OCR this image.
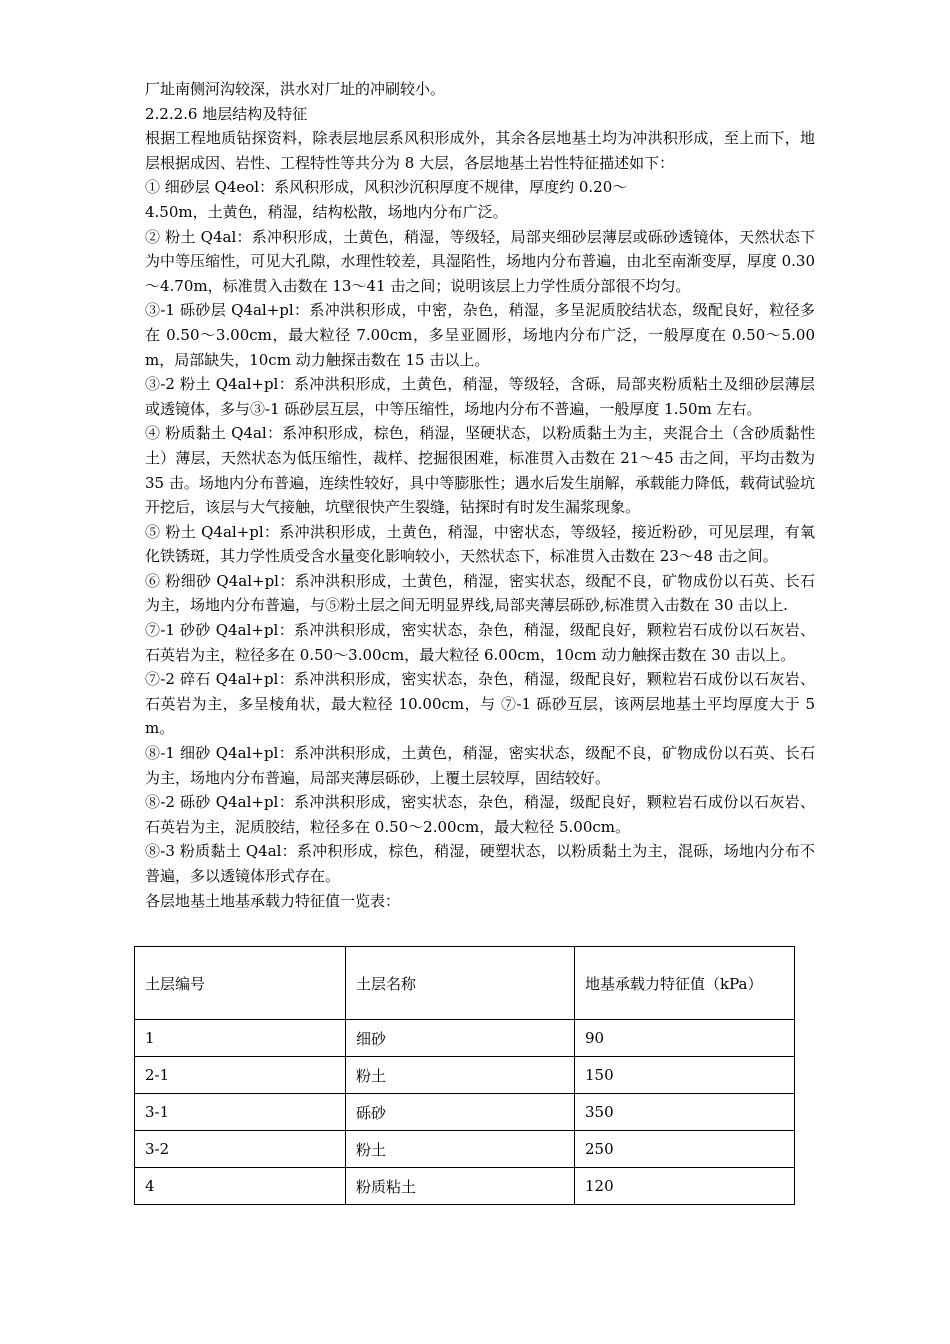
厂址南侧河沟较深，洪水对厂址的冲刷较小。

2.2.2.6 地层结构及特征

根据工程地质钻探资料，除表层地层系风积形成外，其余各层地基土均为冲洪积形成，至上而下，地层根据成因、岩性、工程特性等共分为 8 大层，各层地基土岩性特征描述如下：

① 细砂层 Q4eol：系风积形成，风积沙沉积厚度不规律，厚度约 0.20～

4.50m，土黄色，稍湿，结构松散，场地内分布广泛。

② 粉土 Q4al：系冲积形成，土黄色，稍湿，等级轻，局部夹细砂层薄层或砾砂透镜体，天然状态下为中等压缩性，可见大孔隙，水理性较差，具湿陷性，场地内分布普遍，由北至南渐变厚，厚度 0.30～4.70m，标准贯入击数在 13～41 击之间；说明该层上力学性质分部很不均匀。

③-1 砾砂层 Q4al+pl：系冲洪积形成，中密，杂色，稍湿，多呈泥质胶结状态，级配良好，粒径多在 0.50～3.00cm，最大粒径 7.00cm，多呈亚圆形，场地内分布广泛，一般厚度在 0.50～5.00m，局部缺失，10cm 动力触探击数在 15 击以上。

③-2 粉土 Q4al+pl：系冲洪积形成，土黄色，稍湿，等级轻，含砾，局部夹粉质粘土及细砂层薄层或透镜体，多与③-1 砾砂层互层，中等压缩性，场地内分布不普遍，一般厚度 1.50m 左右。

④ 粉质黏土 Q4al：系冲积形成，棕色，稍湿，坚硬状态，以粉质黏土为主，夹混合土（含砂质黏性土）薄层，天然状态为低压缩性，裁样、挖掘很困难，标准贯入击数在 21～45 击之间，平均击数为 35 击。场地内分布普遍，连续性较好，具中等膨胀性；遇水后发生崩解，承载能力降低，载荷试验坑开挖后，该层与大气接触，坑壁很快产生裂缝，钻探时有时发生漏浆现象。

⑤ 粉土 Q4al+pl：系冲洪积形成，土黄色，稍湿，中密状态，等级轻，接近粉砂，可见层理，有氧化铁锈斑，其力学性质受含水量变化影响较小，天然状态下，标准贯入击数在 23～48 击之间。

⑥ 粉细砂 Q4al+pl：系冲洪积形成，土黄色，稍湿，密实状态，级配不良，矿物成份以石英、长石为主，场地内分布普遍，与⑤粉土层之间无明显界线,局部夹薄层砾砂,标准贯入击数在 30 击以上.

⑦-1 砂砂 Q4al+pl：系冲洪积形成，密实状态，杂色，稍湿，级配良好，颗粒岩石成份以石灰岩、石英岩为主，粒径多在 0.50～3.00cm，最大粒径 6.00cm，10cm 动力触探击数在 30 击以上。

⑦-2 碎石 Q4al+pl：系冲洪积形成，密实状态，杂色，稍湿，级配良好，颗粒岩石成份以石灰岩、石英岩为主，多呈棱角状，最大粒径 10.00cm，与 ⑦-1 砾砂互层，该两层地基土平均厚度大于 5m。

⑧-1 细砂 Q4al+pl：系冲洪积形成，土黄色，稍湿，密实状态，级配不良，矿物成份以石英、长石为主，场地内分布普遍，局部夹薄层砾砂，上覆土层较厚，固结较好。

⑧-2 砾砂 Q4al+pl：系冲洪积形成，密实状态，杂色，稍湿，级配良好，颗粒岩石成份以石灰岩、石英岩为主，泥质胶结，粒径多在 0.50～2.00cm，最大粒径 5.00cm。

⑧-3 粉质黏土 Q4al：系冲积形成，棕色，稍湿，硬塑状态，以粉质黏土为主，混砾，场地内分布不普遍，多以透镜体形式存在。

各层地基土地基承载力特征值一览表：

土层编号	土层名称	地基承载力特征值（kPa）
1	细砂	90
2-1	粉土	150
3-1	砾砂	350
3-2	粉土	250
4	粉质粘土	120
